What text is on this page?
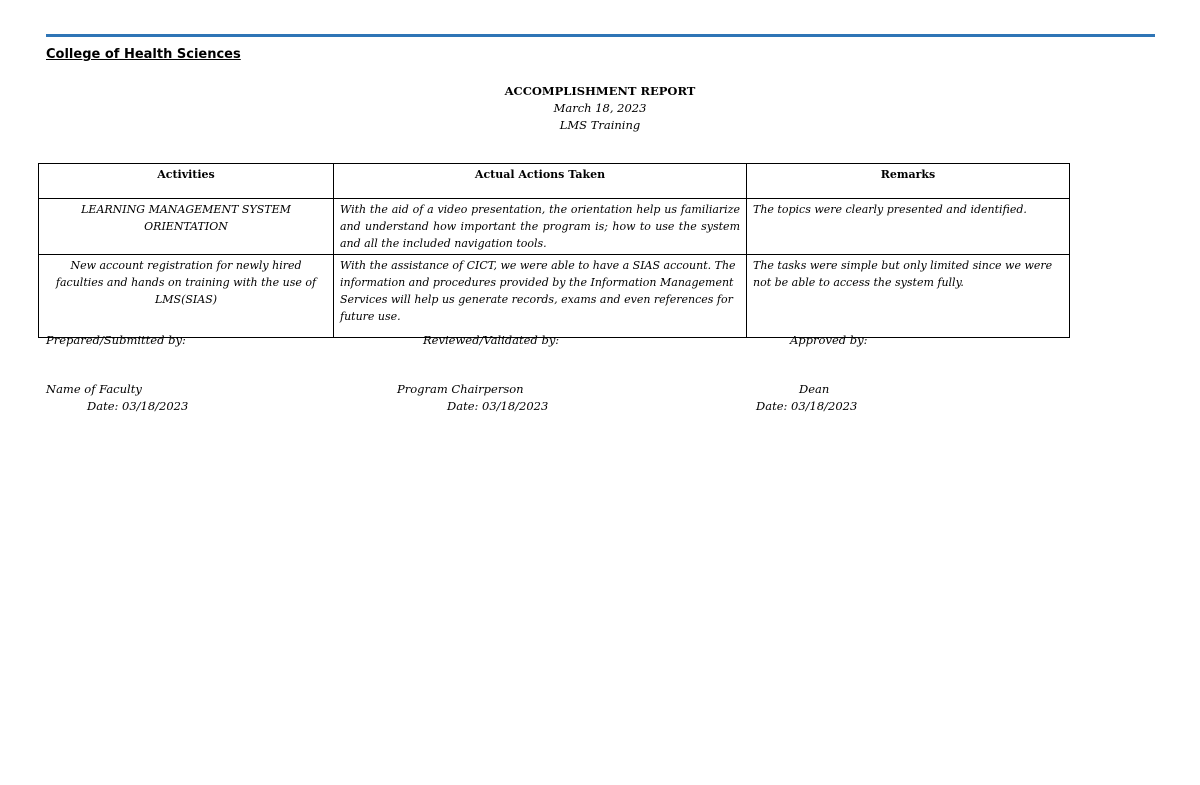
College of Health Sciences
ACCOMPLISHMENT REPORT
March 18, 2023
LMS Training
Activities	Actual Actions Taken	Remarks

LEARNING MANAGEMENT SYSTEM
ORIENTATION	With the aid of a video presentation, the orientation help us familiarize and understand how important the program is; how to use the system and all the included navigation tools.	The topics were clearly presented and identified.
New account registration for newly hired faculties and hands on training with the use of LMS(SIAS)	With the assistance of CICT, we were able to have a SIAS account. The information and procedures provided by the Information Management Services will help us generate records, exams and even references for future use.	The tasks were simple but only limited since we were not be able to access the system fully.
Prepared/Submitted by:	Reviewed/Validated by:	Approved by:
Name of Faculty	Program Chairperson	Dean
Date: 03/18/2023	Date: 03/18/2023	Date: 03/18/2023
